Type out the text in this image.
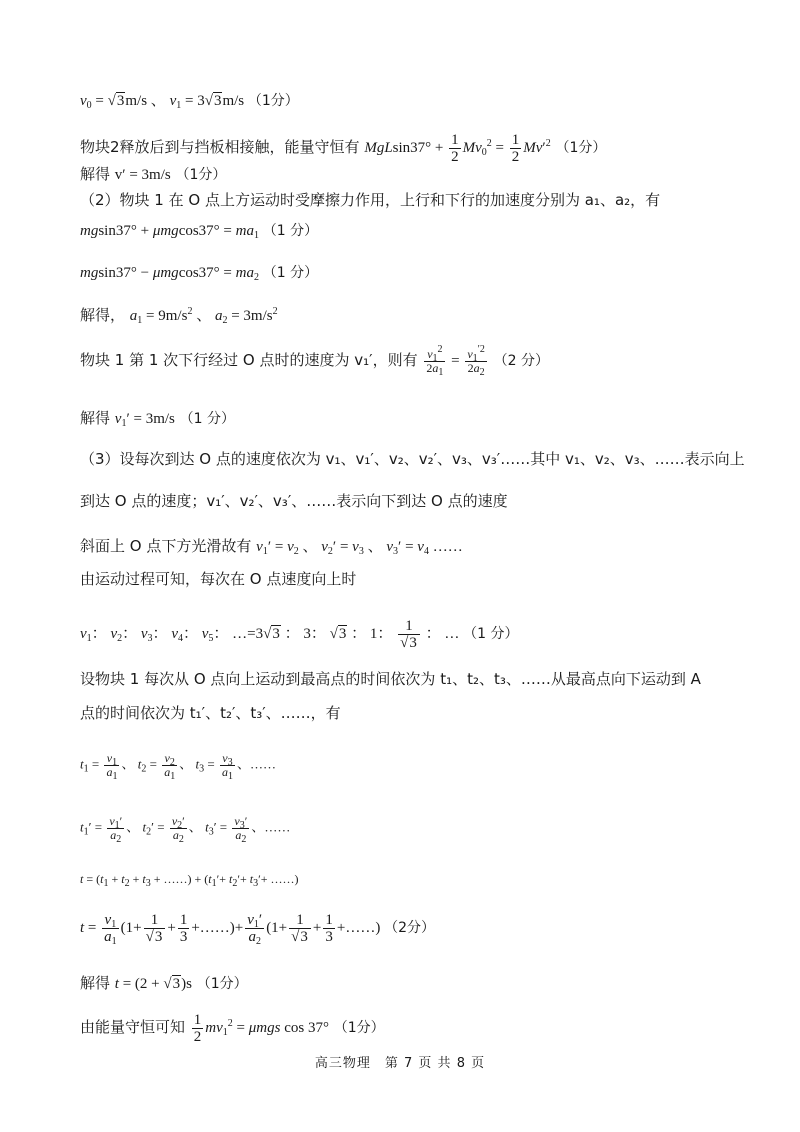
$v_0 = √3m/s$ 、 $v_1 = 3√3m/s$ （1分）
物块2释放后到与挡板相接触，能量守恒有 $MgLsin37^\circ + \frac{1}{2} Mv_0^2 = \frac{1}{2} Mv'^2$ （1分）
解得 v′ = 3m/s （1分）
（2）物块 1 在 O 点上方运动时受摩擦力作用，上行和下行的加速度分别为 a₁、a₂，有
$mgsin37^\circ + \mu mgcos37^\circ = ma_1$ （1 分）
$mgsin37^\circ - \mu mgcos37^\circ = ma_2$ （1 分）
解得， $a_1 = 9m/s^2$ 、 $a_2 = 3m/s^2$
物块 1 第 1 次下行经过 O 点时的速度为 v₁′，则有 $\frac{v_1^2}{2a_1} = \frac{v_1^{'2}}{2a_2} (2$ 分）
解得 $v_1' = 3m/s$ （1 分）
（3）设每次到达 O 点的速度依次为 v₁、v₁′、v₂、v₂′、v₃、v₃′……其中 v₁、v₂、v₃、……表示向上
到达 O 点的速度；v₁′、v₂′、v₃′、……表示向下到达 O 点的速度
斜面上 O 点下方光滑故有 $v_1' = v_2$ 、 $v_2' = v_3$ 、 $v_3' = v_4$ ……
由运动过程可知，每次在 O 点速度向上时
$v_1$： $v_2$： $v_3$： $v_4$： $v_5$： …=3√3 ： 3： √3 ： 1： $\frac{1}{√3}$ ： … （1 分）
设物块 1 每次从 O 点向上运动到最高点的时间依次为 t₁、t₂、t₃、……从最高点向下运动到 A
点的时间依次为 t₁′、t₂′、t₃′、……，有
$t_1 = \frac{v_1}{a_1}$ 、 $t_2 = \frac{v_2}{a_1}$ 、 $t_3 = \frac{v_3}{a_1}$ 、……
$t_1' = \frac{v_1'}{a_2}$ 、 $t_2' = \frac{v_2'}{a_2}$ 、 $t_3' = \frac{v_3'}{a_2}$ 、……
$t = (t_1 + t_2 + t_3$ + ……) + ($t_1'+ t_2'+ t_3'+$ ……)
$t = \frac{v_1}{a_1} (1+ \frac{1}{√3} + \frac{1}{3}$ +……)+ $\frac{v_1'}{a_2} (1+ \frac{1}{√3} + \frac{1}{3}$ +……) （2分）
解得 t = (2 + √3)s （1分）
由能量守恒可知 $\frac{1}{2} mv_1^2 = \mu mgs$ cos 37° （1分）
高三物理　第 7 页 共 8 页
